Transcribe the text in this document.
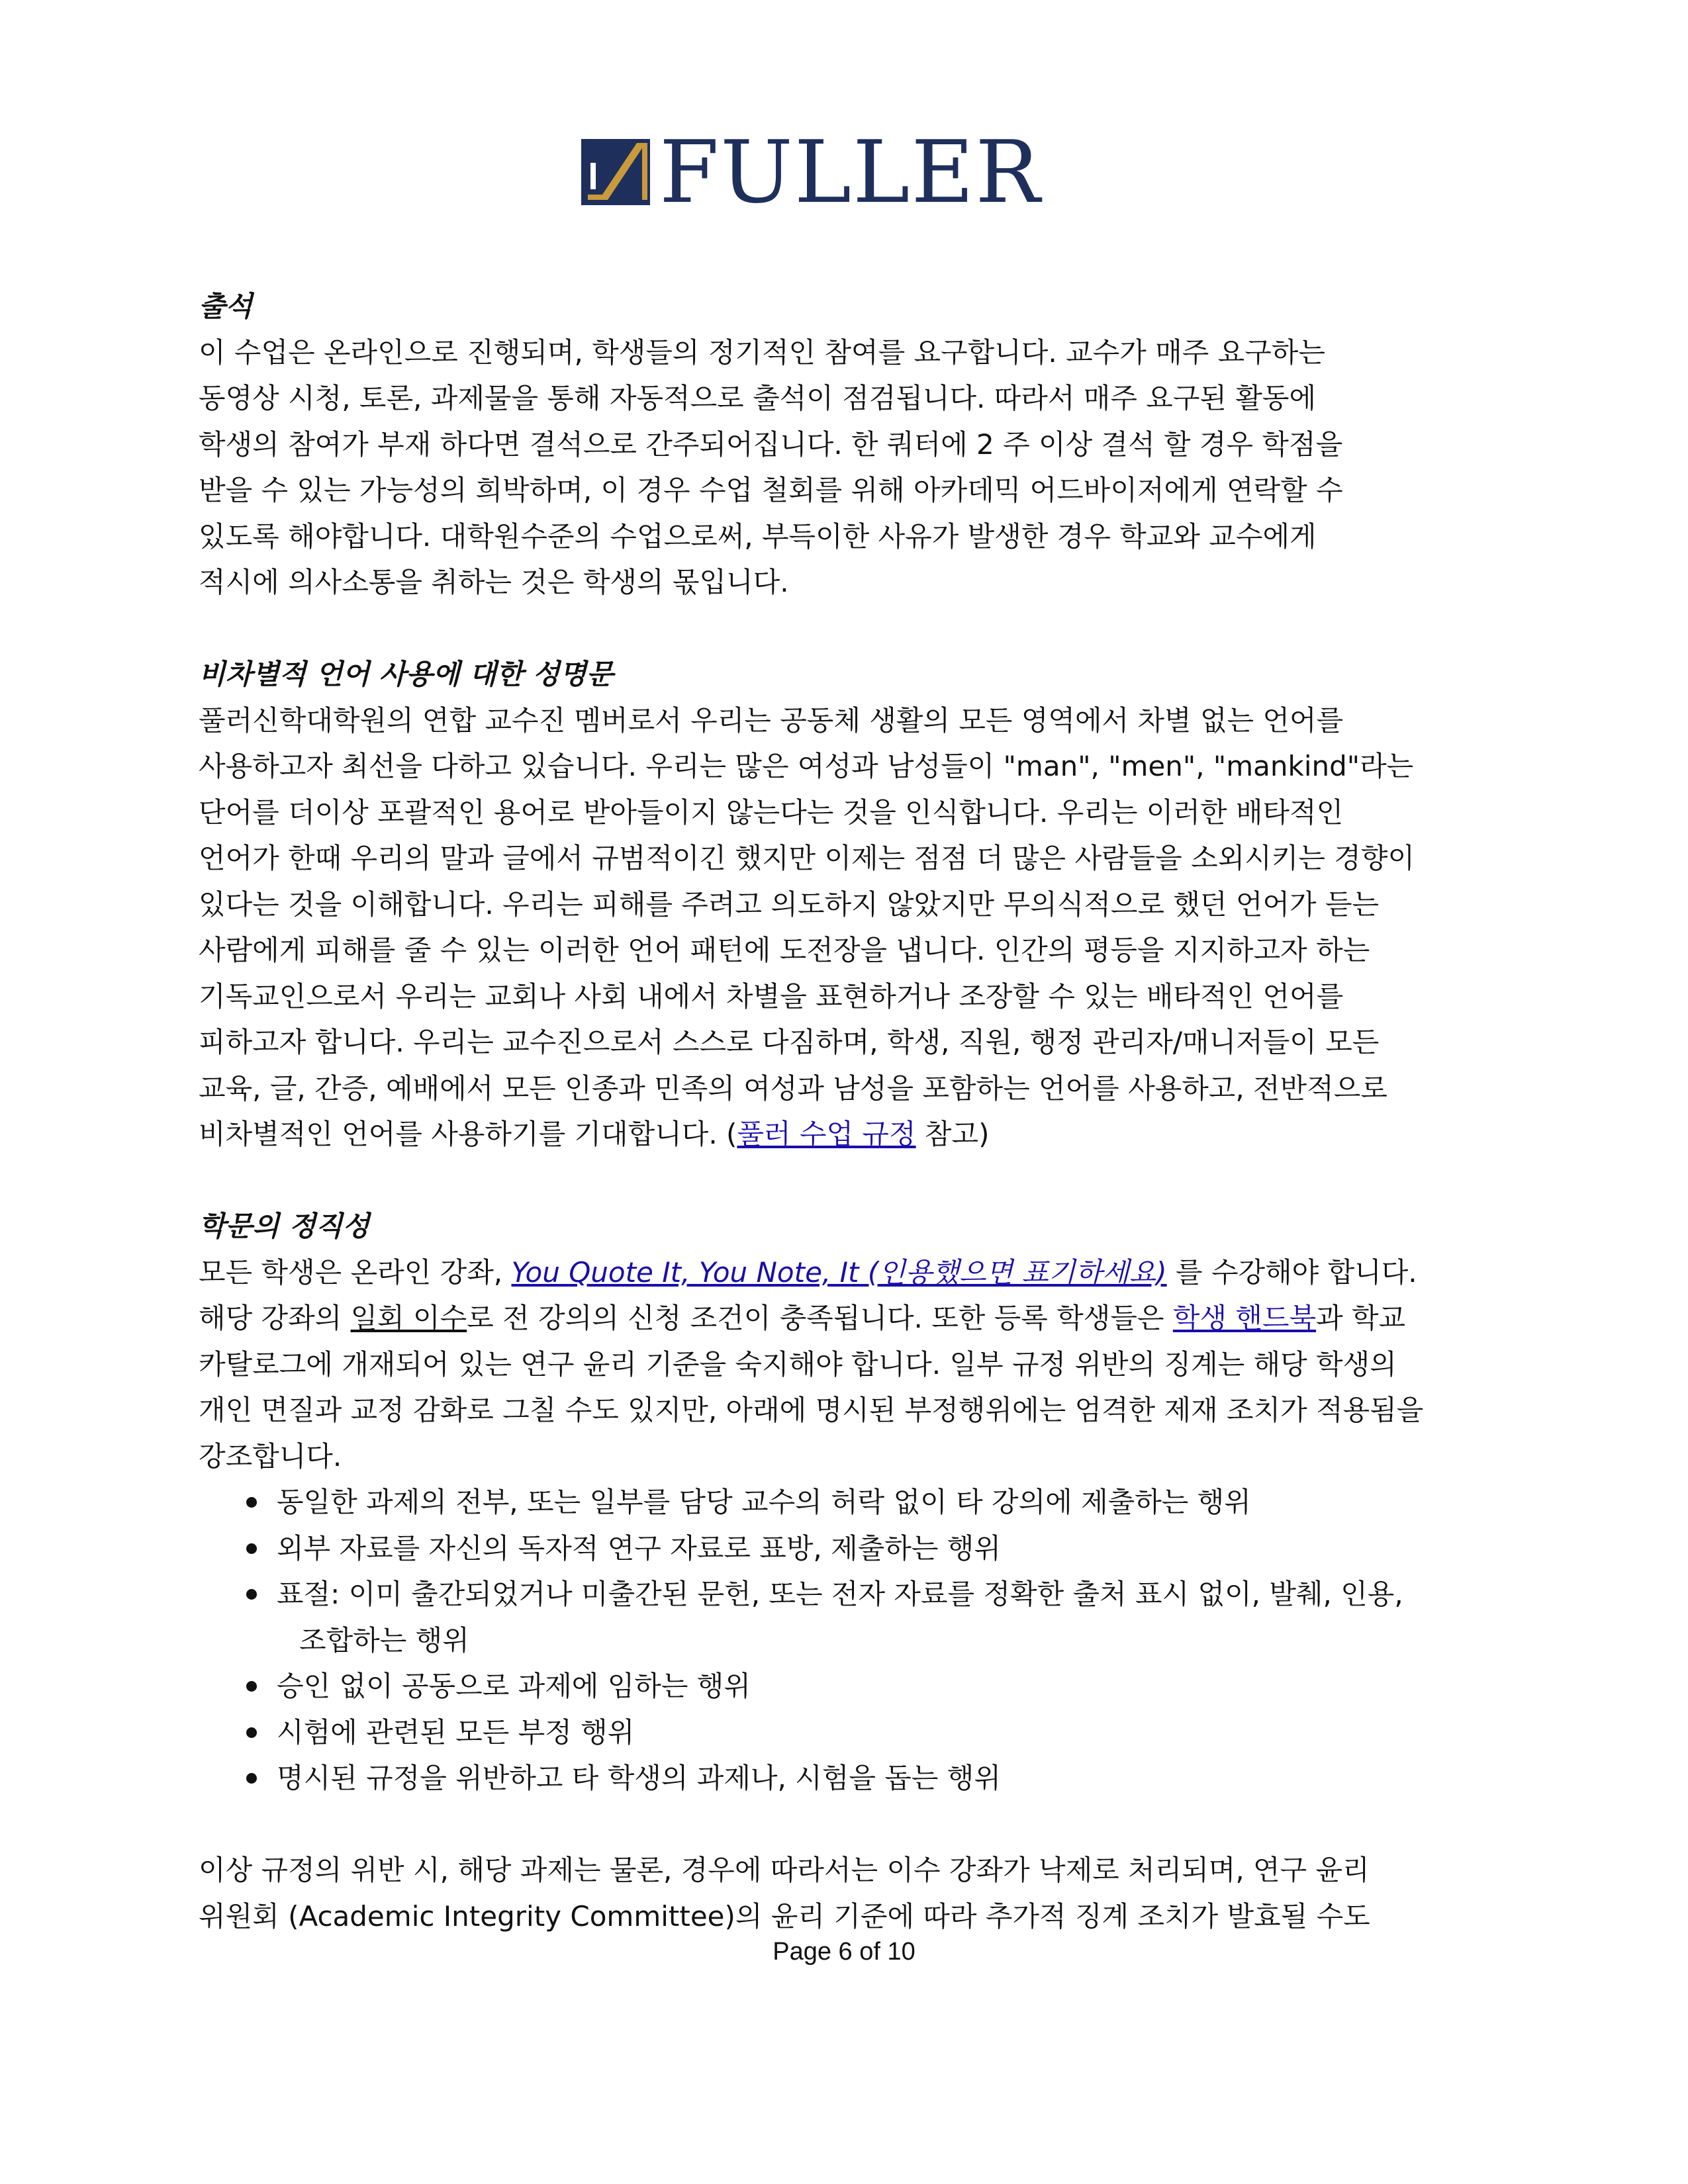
FULLER

출석

이 수업은 온라인으로 진행되며, 학생들의 정기적인 참여를 요구합니다. 교수가 매주 요구하는

동영상 시청, 토론, 과제물을 통해 자동적으로 출석이 점검됩니다. 따라서 매주 요구된 활동에

학생의 참여가 부재 하다면 결석으로 간주되어집니다. 한 쿼터에 2 주 이상 결석 할 경우 학점을

받을 수 있는 가능성의 희박하며, 이 경우 수업 철회를 위해 아카데믹 어드바이저에게 연락할 수

있도록 해야합니다. 대학원수준의 수업으로써, 부득이한 사유가 발생한 경우 학교와 교수에게

적시에 의사소통을 취하는 것은 학생의 몫입니다.

비차별적 언어 사용에 대한 성명문

풀러신학대학원의 연합 교수진 멤버로서 우리는 공동체 생활의 모든 영역에서 차별 없는 언어를

사용하고자 최선을 다하고 있습니다. 우리는 많은 여성과 남성들이 "man", "men", "mankind"라는

단어를 더이상 포괄적인 용어로 받아들이지 않는다는 것을 인식합니다. 우리는 이러한 배타적인

언어가 한때 우리의 말과 글에서 규범적이긴 했지만 이제는 점점 더 많은 사람들을 소외시키는 경향이

있다는 것을 이해합니다. 우리는 피해를 주려고 의도하지 않았지만 무의식적으로 했던 언어가 듣는

사람에게 피해를 줄 수 있는 이러한 언어 패턴에 도전장을 냅니다. 인간의 평등을 지지하고자 하는

기독교인으로서 우리는 교회나 사회 내에서 차별을 표현하거나 조장할 수 있는 배타적인 언어를

피하고자 합니다. 우리는 교수진으로서 스스로 다짐하며, 학생, 직원, 행정 관리자/매니저들이 모든

교육, 글, 간증, 예배에서 모든 인종과 민족의 여성과 남성을 포함하는 언어를 사용하고, 전반적으로

비차별적인 언어를 사용하기를 기대합니다. (풀러 수업 규정 참고)

학문의 정직성

모든 학생은 온라인 강좌, You Quote It, You Note, It (인용했으면 표기하세요) 를 수강해야 합니다.

해당 강좌의 일회 이수로 전 강의의 신청 조건이 충족됩니다. 또한 등록 학생들은 학생 핸드북과 학교

카탈로그에 개재되어 있는 연구 윤리 기준을 숙지해야 합니다. 일부 규정 위반의 징계는 해당 학생의

개인 면질과 교정 감화로 그칠 수도 있지만, 아래에 명시된 부정행위에는 엄격한 제재 조치가 적용됨을

강조합니다.

동일한 과제의 전부, 또는 일부를 담당 교수의 허락 없이 타 강의에 제출하는 행위
외부 자료를 자신의 독자적 연구 자료로 표방, 제출하는 행위
표절: 이미 출간되었거나 미출간된 문헌, 또는 전자 자료를 정확한 출처 표시 없이, 발췌, 인용,
조합하는 행위
승인 없이 공동으로 과제에 임하는 행위
시험에 관련된 모든 부정 행위
명시된 규정을 위반하고 타 학생의 과제나, 시험을 돕는 행위

이상 규정의 위반 시, 해당 과제는 물론, 경우에 따라서는 이수 강좌가 낙제로 처리되며, 연구 윤리

위원회 (Academic Integrity Committee)의 윤리 기준에 따라 추가적 징계 조치가 발효될 수도

Page 6 of 10
